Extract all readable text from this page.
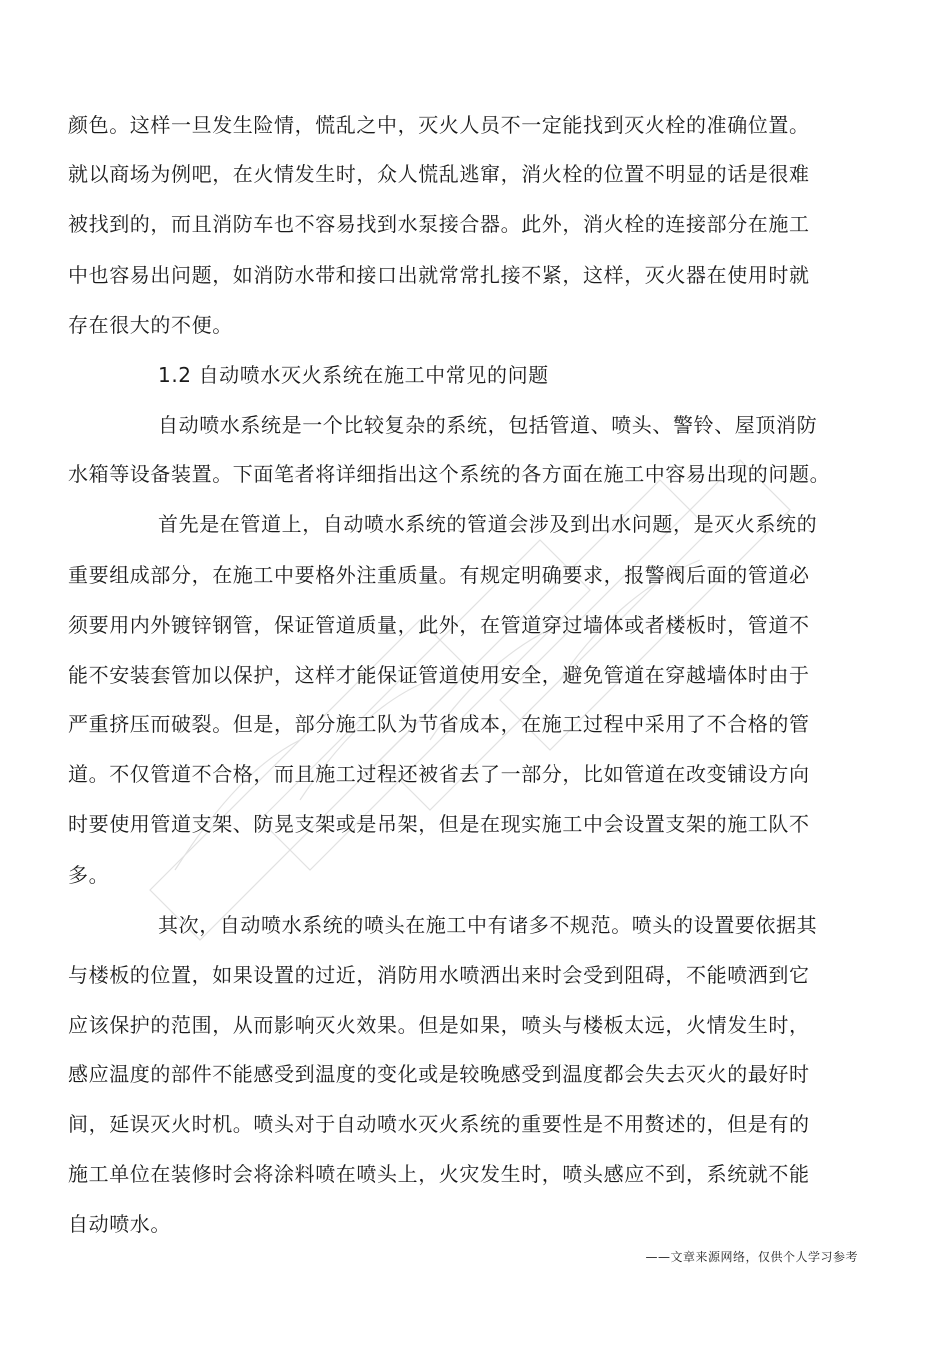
颜色。这样一旦发生险情，慌乱之中，灭火人员不一定能找到灭火栓的准确位置。
就以商场为例吧，在火情发生时，众人慌乱逃窜，消火栓的位置不明显的话是很难
被找到的，而且消防车也不容易找到水泵接合器。此外，消火栓的连接部分在施工
中也容易出问题，如消防水带和接口出就常常扎接不紧，这样，灭火器在使用时就
存在很大的不便。
1.2 自动喷水灭火系统在施工中常见的问题
自动喷水系统是一个比较复杂的系统，包括管道、喷头、警铃、屋顶消防
水箱等设备装置。下面笔者将详细指出这个系统的各方面在施工中容易出现的问题。
首先是在管道上，自动喷水系统的管道会涉及到出水问题，是灭火系统的
重要组成部分，在施工中要格外注重质量。有规定明确要求，报警阀后面的管道必
须要用内外镀锌钢管，保证管道质量，此外，在管道穿过墙体或者楼板时，管道不
能不安装套管加以保护，这样才能保证管道使用安全，避免管道在穿越墙体时由于
严重挤压而破裂。但是，部分施工队为节省成本，在施工过程中采用了不合格的管
道。不仅管道不合格，而且施工过程还被省去了一部分，比如管道在改变铺设方向
时要使用管道支架、防晃支架或是吊架，但是在现实施工中会设置支架的施工队不
多。
其次，自动喷水系统的喷头在施工中有诸多不规范。喷头的设置要依据其
与楼板的位置，如果设置的过近，消防用水喷洒出来时会受到阻碍，不能喷洒到它
应该保护的范围，从而影响灭火效果。但是如果，喷头与楼板太远，火情发生时，
感应温度的部件不能感受到温度的变化或是较晚感受到温度都会失去灭火的最好时
间，延误灭火时机。喷头对于自动喷水灭火系统的重要性是不用赘述的，但是有的
施工单位在装修时会将涂料喷在喷头上，火灾发生时，喷头感应不到，系统就不能
自动喷水。
——文章来源网络，仅供个人学习参考
